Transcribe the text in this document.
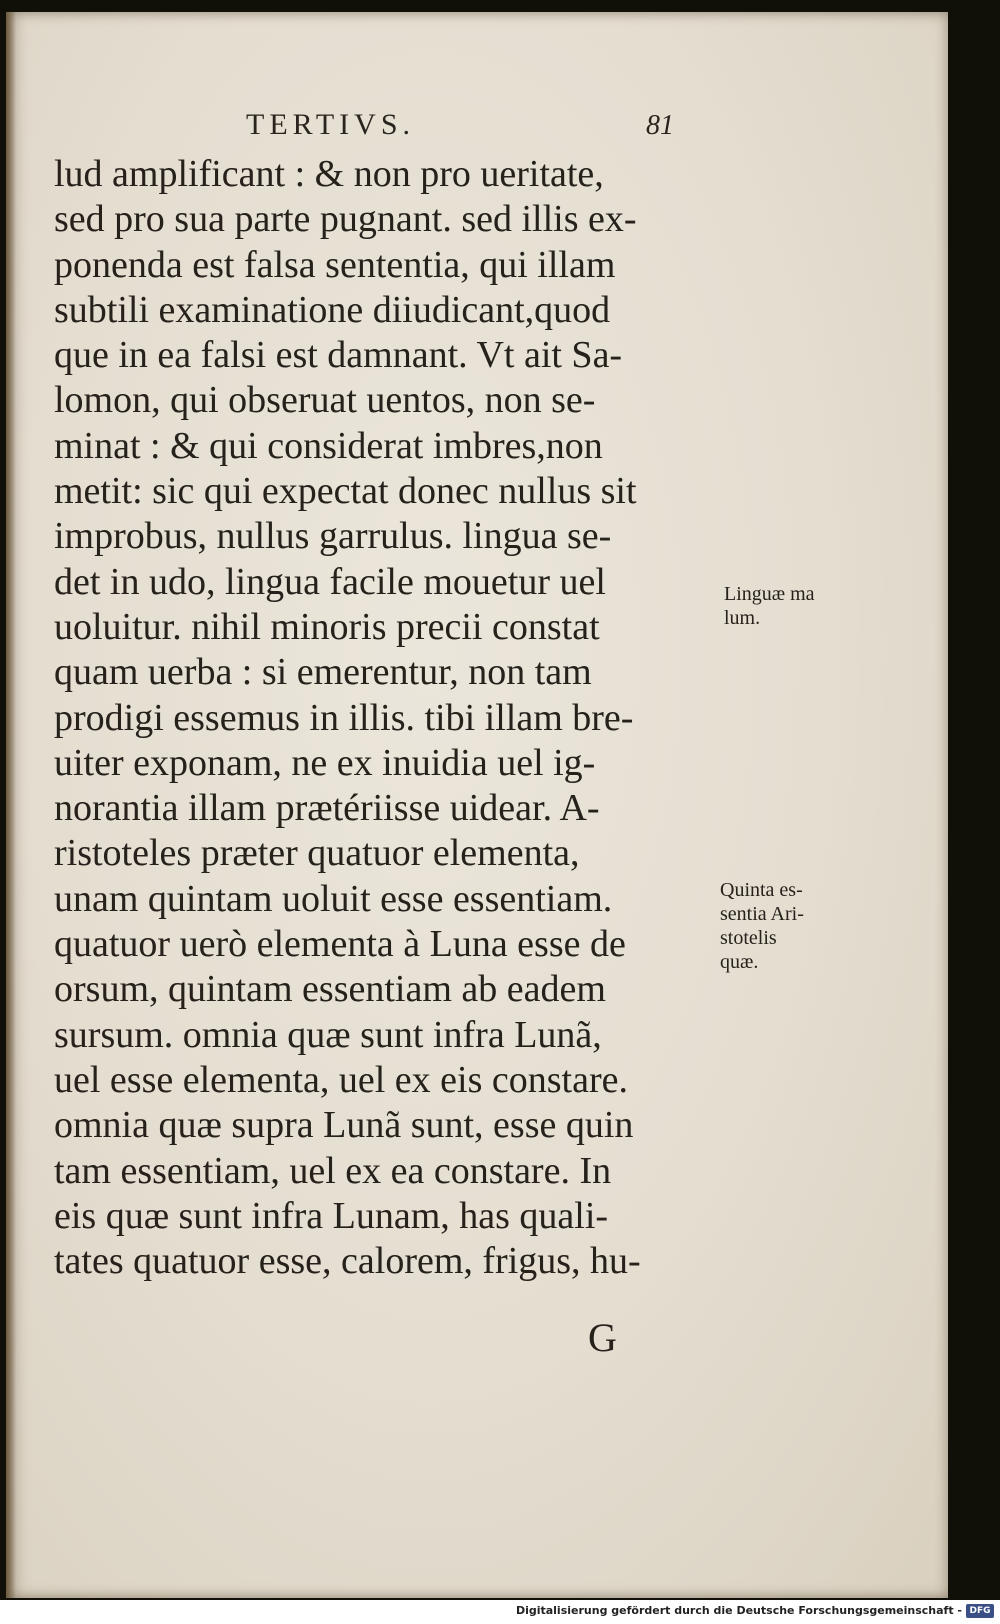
TERTIVS.	81
lud amplificant : & non pro ueritate,
sed pro sua parte pugnant. sed illis ex-
ponenda est falsa sententia, qui illam
subtili examinatione diiudicant,quod
que in ea falsi est damnant. Vt ait Sa-
lomon, qui obseruat uentos, non se-
minat : & qui considerat imbres,non
metit: sic qui expectat donec nullus sit
improbus, nullus garrulus. lingua se-
det in udo, lingua facile mouetur uel
uoluitur. nihil minoris precii constat
quam uerba : si emerentur, non tam
prodigi essemus in illis. tibi illam bre-
uiter exponam, ne ex inuidia uel ig-
norantia illam prætériisse uidear. A-
ristoteles præter quatuor elementa,
unam quintam uoluit esse essentiam.
quatuor uerò elementa à Luna esse de
orsum, quintam essentiam ab eadem
sursum. omnia quæ sunt infra Lunã,
uel esse elementa, uel ex eis constare.
omnia quæ supra Lunã sunt, esse quin
tam essentiam, uel ex ea constare. In
eis quæ sunt infra Lunam, has quali-
tates quatuor esse, calorem, frigus, hu-
Linguæ ma
lum.
Quinta es-
sentia Ari-
stotelis
quæ.
G
Digitalisierung gefördert durch die Deutsche Forschungsgemeinschaft - DFG
